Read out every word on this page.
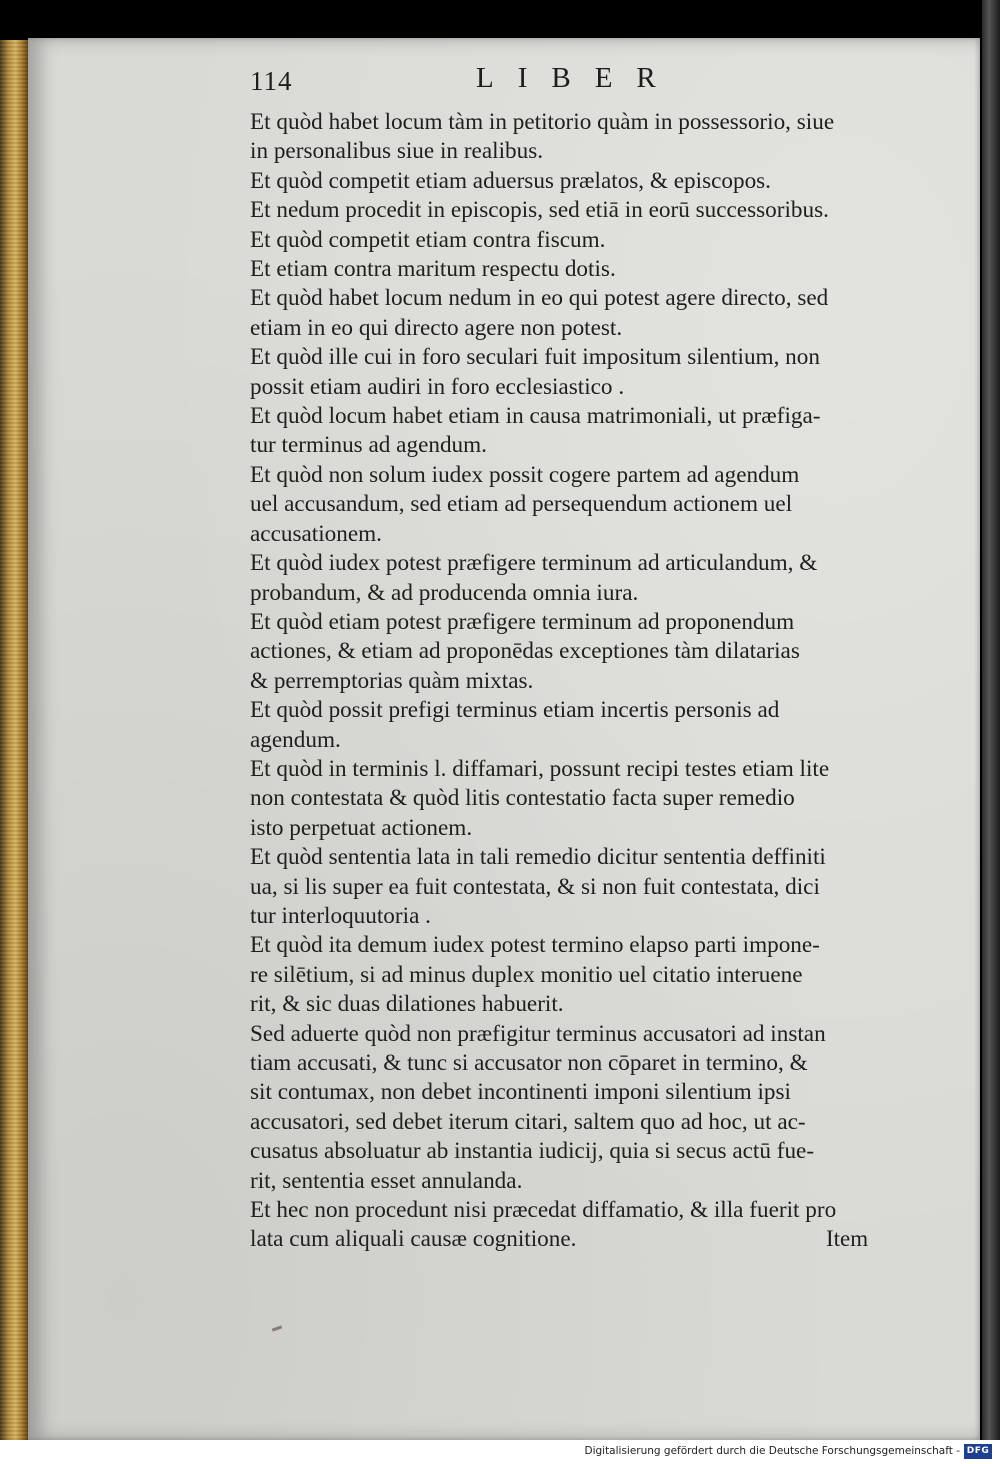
114	LIBER

Et quòd habet locum tàm in petitorio quàm in possessorio, siue
in personalibus siue in realibus.

Et quòd competit etiam aduersus prælatos, & episcopos.

Et nedum procedit in episcopis, sed etiā in eorū successoribus.

Et quòd competit etiam contra fiscum.

Et etiam contra maritum respectu dotis.

Et quòd habet locum nedum in eo qui potest agere directo, sed
etiam in eo qui directo agere non potest.

Et quòd ille cui in foro seculari fuit impositum silentium, non
possit etiam audiri in foro ecclesiastico .

Et quòd locum habet etiam in causa matrimoniali, ut præfiga-
tur terminus ad agendum.

Et quòd non solum iudex possit cogere partem ad agendum
uel accusandum, sed etiam ad persequendum actionem uel
accusationem.

Et quòd iudex potest præfigere terminum ad articulandum, &
probandum, & ad producenda omnia iura.

Et quòd etiam potest præfigere terminum ad proponendum
actiones, & etiam ad proponēdas exceptiones tàm dilatarias
& perremptorias quàm mixtas.

Et quòd possit prefigi terminus etiam incertis personis ad
agendum.

Et quòd in terminis l. diffamari, possunt recipi testes etiam lite
non contestata & quòd litis contestatio facta super remedio
isto perpetuat actionem.

Et quòd sententia lata in tali remedio dicitur sententia deffiniti
ua, si lis super ea fuit contestata, & si non fuit contestata, dici
tur interloquutoria .

Et quòd ita demum iudex potest termino elapso parti impone-
re silētium, si ad minus duplex monitio uel citatio interuene
rit, & sic duas dilationes habuerit.

Sed aduerte quòd non præfigitur terminus accusatori ad instan
tiam accusati, & tunc si accusator non cōparet in termino, &
sit contumax, non debet incontinenti imponi silentium ipsi
accusatori, sed debet iterum citari, saltem quo ad hoc, ut ac-
cusatus absoluatur ab instantia iudicij, quia si secus actū fue-
rit, sententia esset annulanda.

Et hec non procedunt nisi præcedat diffamatio, & illa fuerit pro
lata cum aliquali causæ cognitione.	Item
Digitalisierung gefördert durch die Deutsche Forschungsgemeinschaft - DFG
